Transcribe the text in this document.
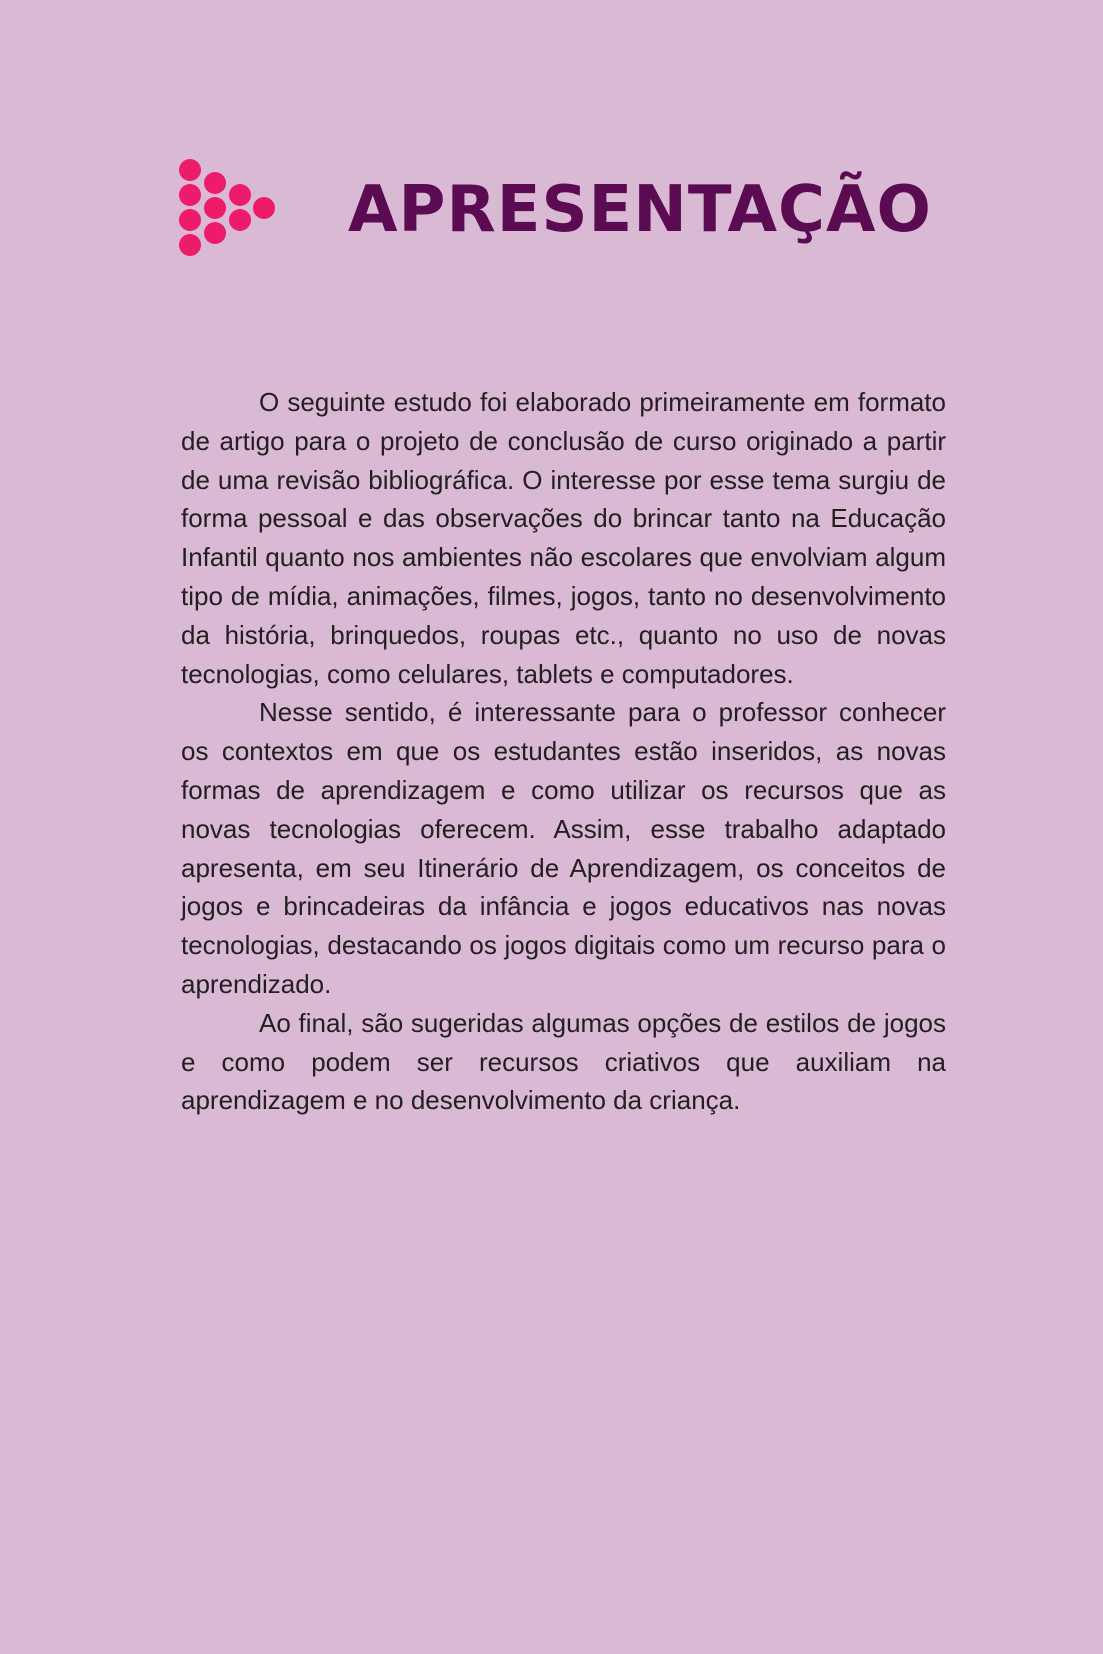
APRESENTAÇÃO

O seguinte estudo foi elaborado primeiramente em formato de artigo para o projeto de conclusão de curso originado a partir de uma revisão bibliográfica. O interesse por esse tema surgiu de forma pessoal e das observações do brincar tanto na Educação Infantil quanto nos ambientes não escolares que envolviam algum tipo de mídia, animações, filmes, jogos, tanto no desenvolvimento da história, brinquedos, roupas etc., quanto no uso de novas tecnologias, como celulares, tablets e computadores.

Nesse sentido, é interessante para o professor conhecer os contextos em que os estudantes estão inseridos, as novas formas de aprendizagem e como utilizar os recursos que as novas tecnologias oferecem. Assim, esse trabalho adaptado apresenta, em seu Itinerário de Aprendizagem, os conceitos de jogos e brincadeiras da infância e jogos educativos nas novas tecnologias, destacando os jogos digitais como um recurso para o aprendizado.

Ao final, são sugeridas algumas opções de estilos de jogos e como podem ser recursos criativos que auxiliam na aprendizagem e no desenvolvimento da criança.
